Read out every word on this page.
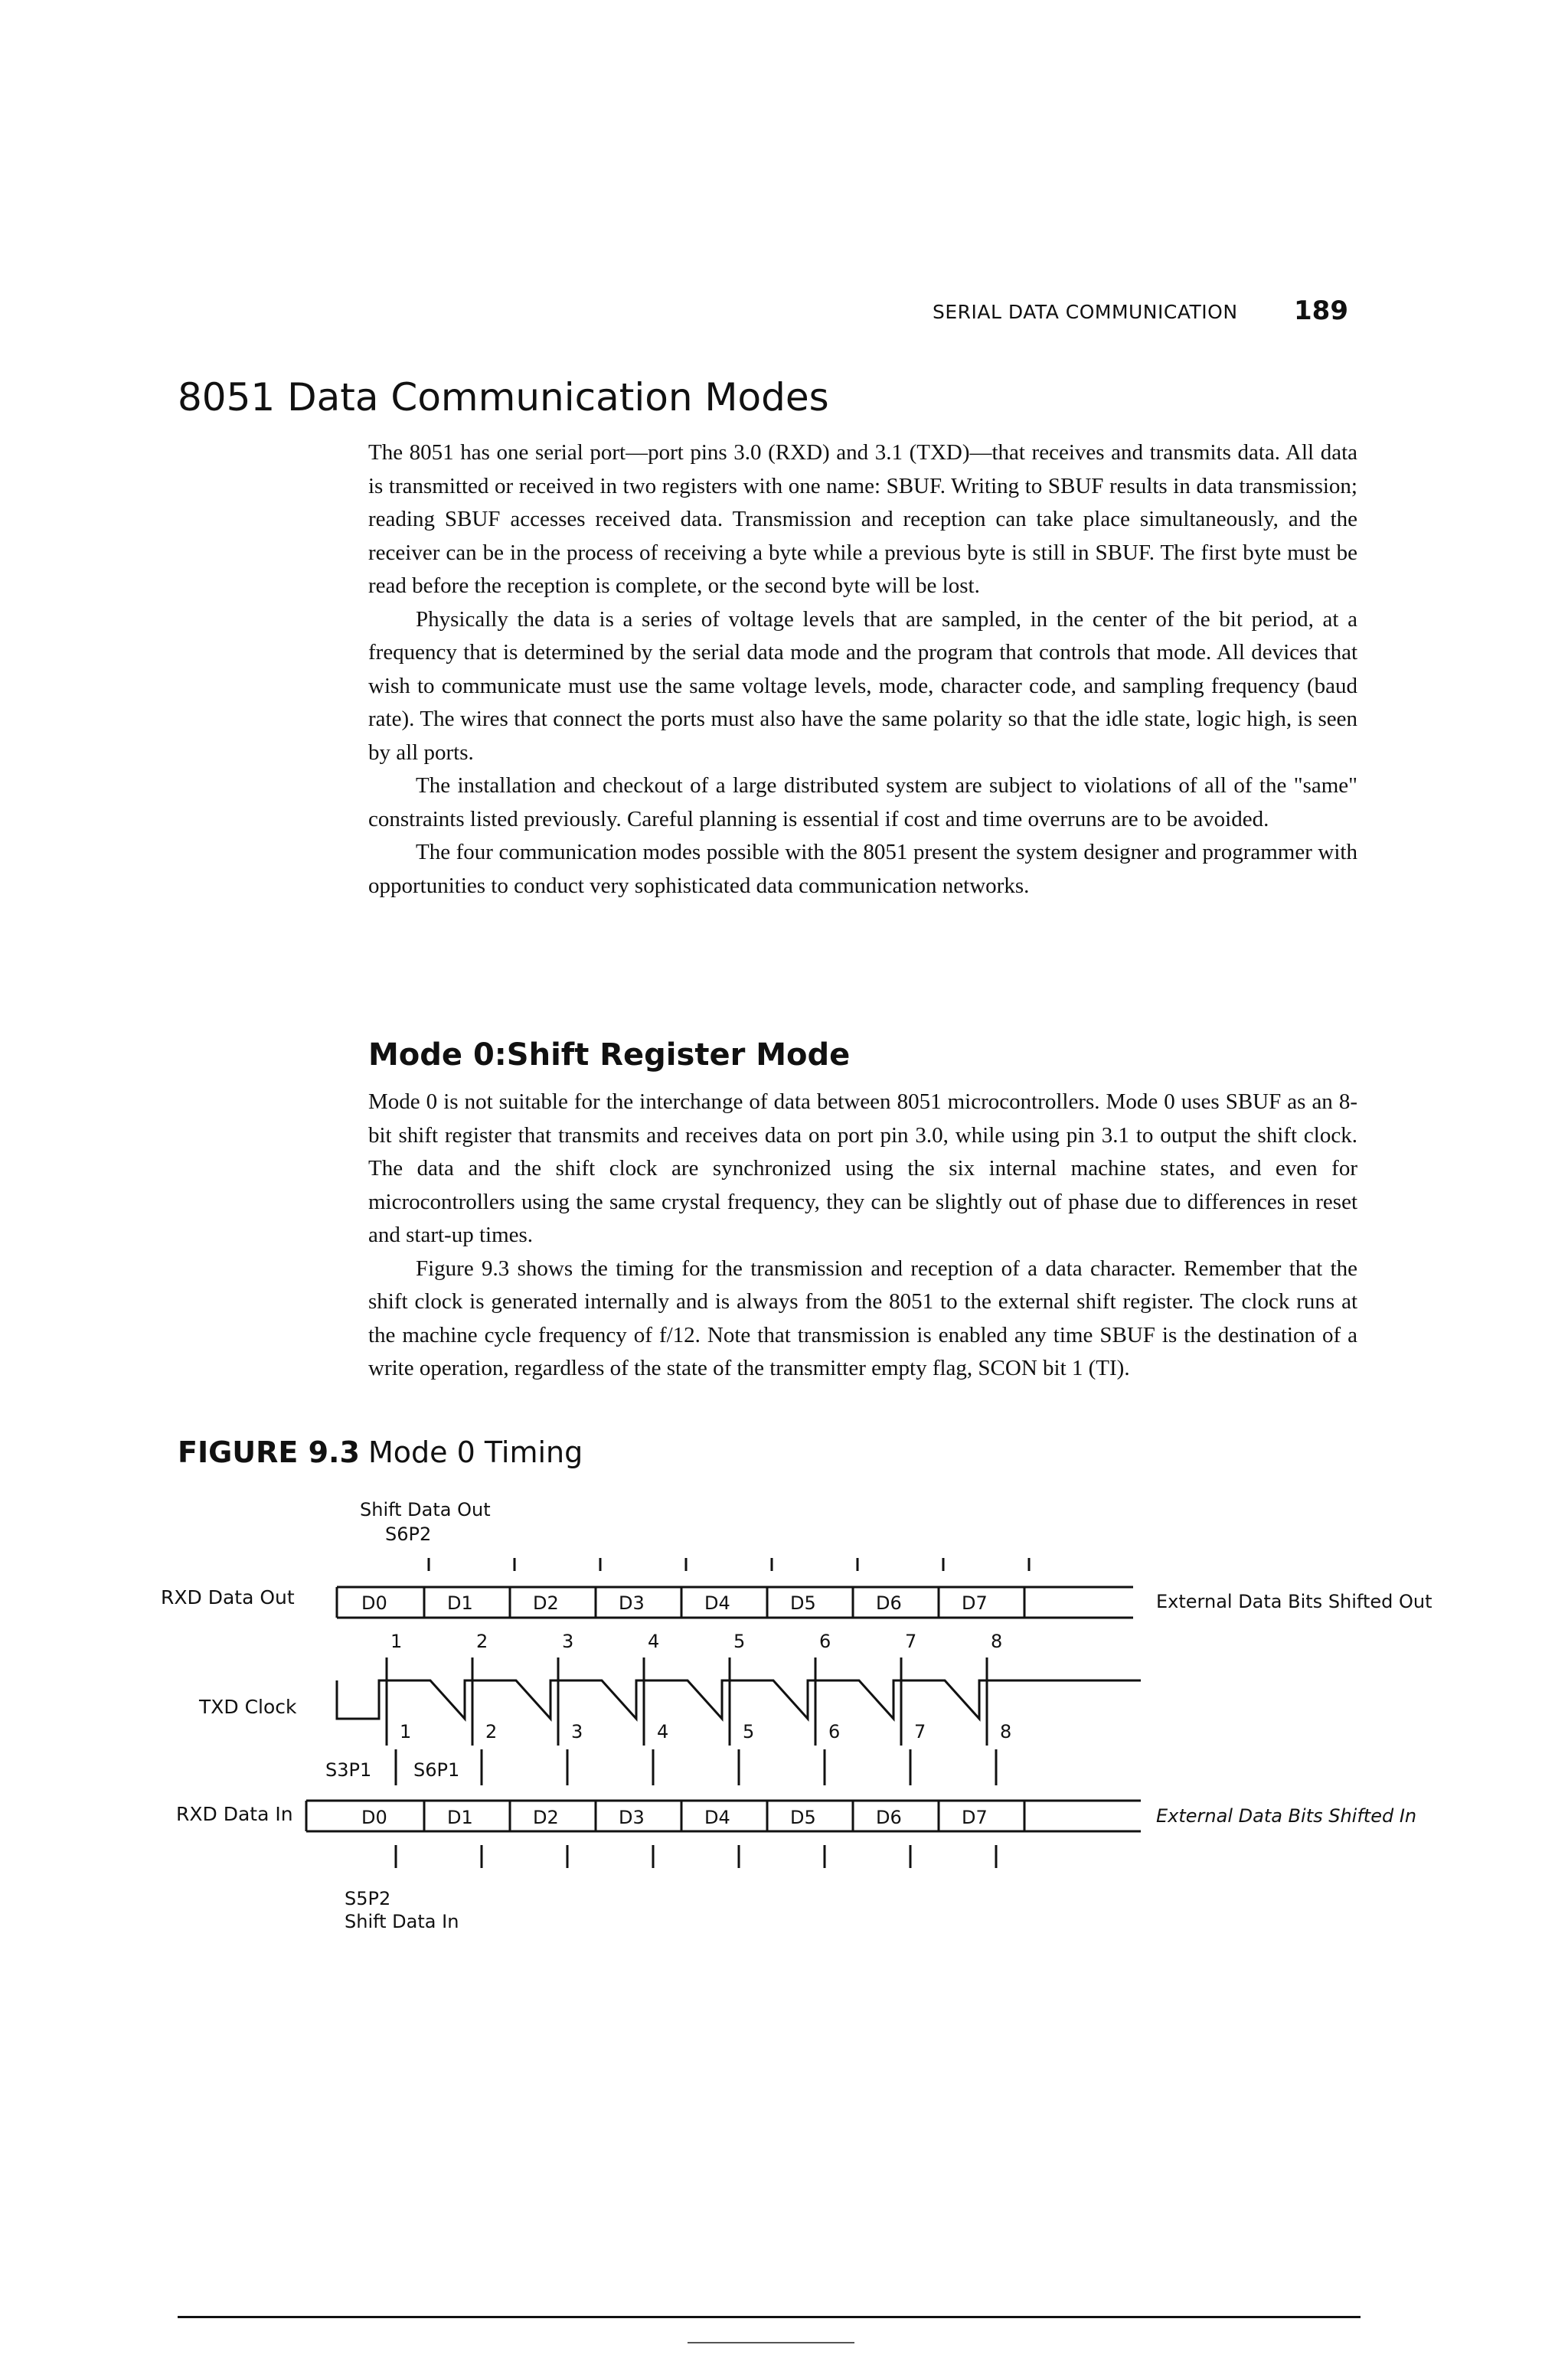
SERIAL DATA COMMUNICATION 189
8051 Data Communication Modes

The 8051 has one serial port—port pins 3.0 (RXD) and 3.1 (TXD)—that receives and transmits data. All data is transmitted or received in two registers with one name: SBUF. Writing to SBUF results in data transmission; reading SBUF accesses received data. Transmission and reception can take place simultaneously, and the receiver can be in the process of receiving a byte while a previous byte is still in SBUF. The first byte must be read before the reception is complete, or the second byte will be lost.

Physically the data is a series of voltage levels that are sampled, in the center of the bit period, at a frequency that is determined by the serial data mode and the program that controls that mode. All devices that wish to communicate must use the same voltage levels, mode, character code, and sampling frequency (baud rate). The wires that connect the ports must also have the same polarity so that the idle state, logic high, is seen by all ports.

The installation and checkout of a large distributed system are subject to violations of all of the "same" constraints listed previously. Careful planning is essential if cost and time overruns are to be avoided.

The four communication modes possible with the 8051 present the system designer and programmer with opportunities to conduct very sophisticated data communication networks.

Mode 0:Shift Register Mode

Mode 0 is not suitable for the interchange of data between 8051 microcontrollers. Mode 0 uses SBUF as an 8-bit shift register that transmits and receives data on port pin 3.0, while using pin 3.1 to output the shift clock. The data and the shift clock are synchronized using the six internal machine states, and even for microcontrollers using the same crystal frequency, they can be slightly out of phase due to differences in reset and start-up times.

Figure 9.3 shows the timing for the transmission and reception of a data character. Remember that the shift clock is generated internally and is always from the 8051 to the external shift register. The clock runs at the machine cycle frequency of f/12. Note that transmission is enabled any time SBUF is the destination of a write operation, regardless of the state of the transmitter empty flag, SCON bit 1 (TI).

FIGURE 9.3 Mode 0 Timing
Shift Data Out
S6P2
RXD Data Out
TXD Clock
RXD Data In
D0	D1	D2	D3	D4	D5	D6	D7	External Data Bits Shifted Out
1	2	3	4	5	6	7	8
1	2	3	4	5	6	7	8
S3P1 S6P1
D0	D1	D2	D3	D4	D5	D6	D7	External Data Bits Shifted In
S5P2
Shift Data In
